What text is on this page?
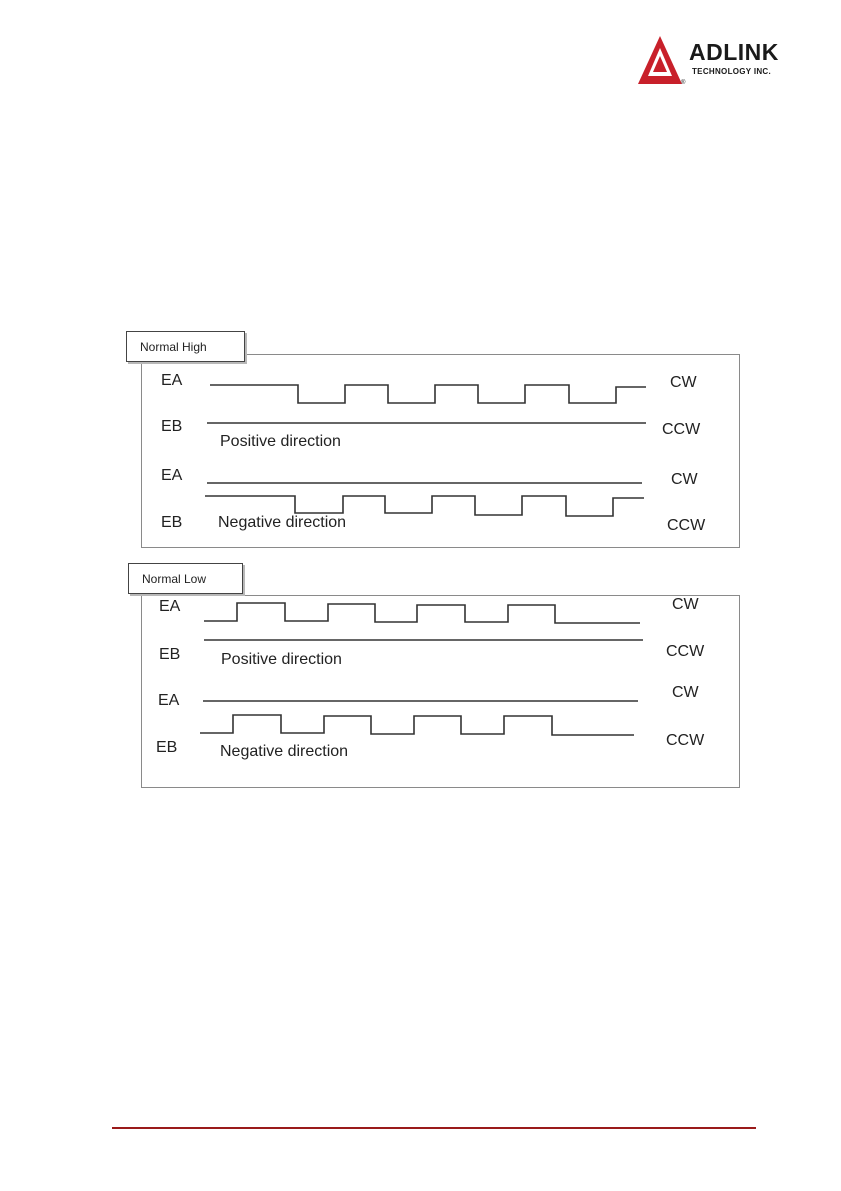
ADLINK
TECHNOLOGY INC.
®
Normal High
Normal Low
EA	CW
EB	CCW
Positive direction
EA	CW
EB Negative direction	CCW
EA	CW
EB	CCW
Positive direction
EA	CW
EB	CCW
Negative direction
